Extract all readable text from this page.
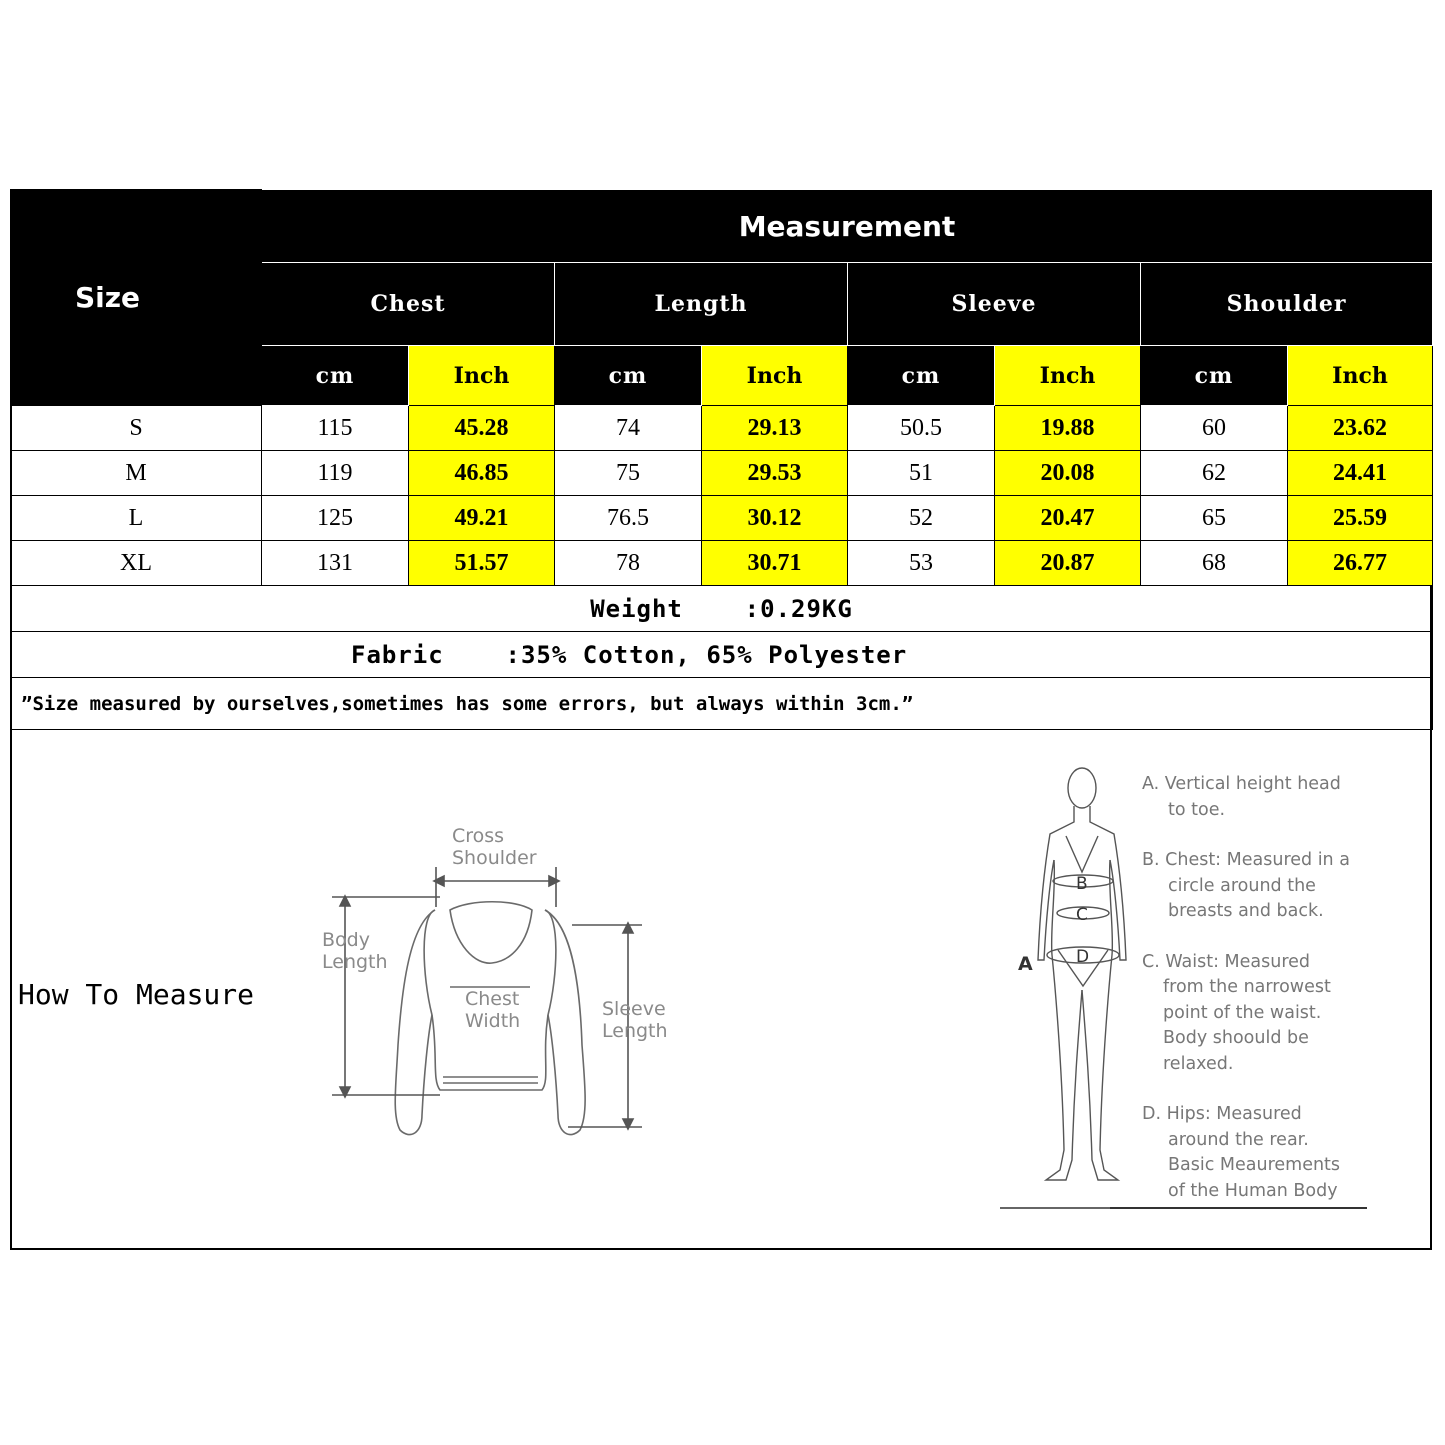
Size	Measurement							
	Chest		Length		Sleeve		Shoulder	
	cm	Inch	cm	Inch	cm	Inch	cm	Inch
S	115	45.28	74	29.13	50.5	19.88	60	23.62
M	119	46.85	75	29.53	51	20.08	62	24.41
L	125	49.21	76.5	30.12	52	20.47	65	25.59
XL	131	51.57	78	30.71	53	20.87	68	26.77
Weight    :0.29KG								
Fabric    :35% Cotton, 65% Polyester								
”Size measured by ourselves,sometimes has some errors, but always within 3cm.”								
How To Measure
Cross
Shoulder
Body
Length
Chest
Width
Sleeve
Length
A
B
C
D
A. Vertical height head
to toe.
B. Chest: Measured in a
circle around the
breasts and back.
C. Waist: Measured
from the narrowest
point of the waist.
Body shoould be
relaxed.
D. Hips: Measured
around the rear.
Basic Meaurements
of the Human Body
